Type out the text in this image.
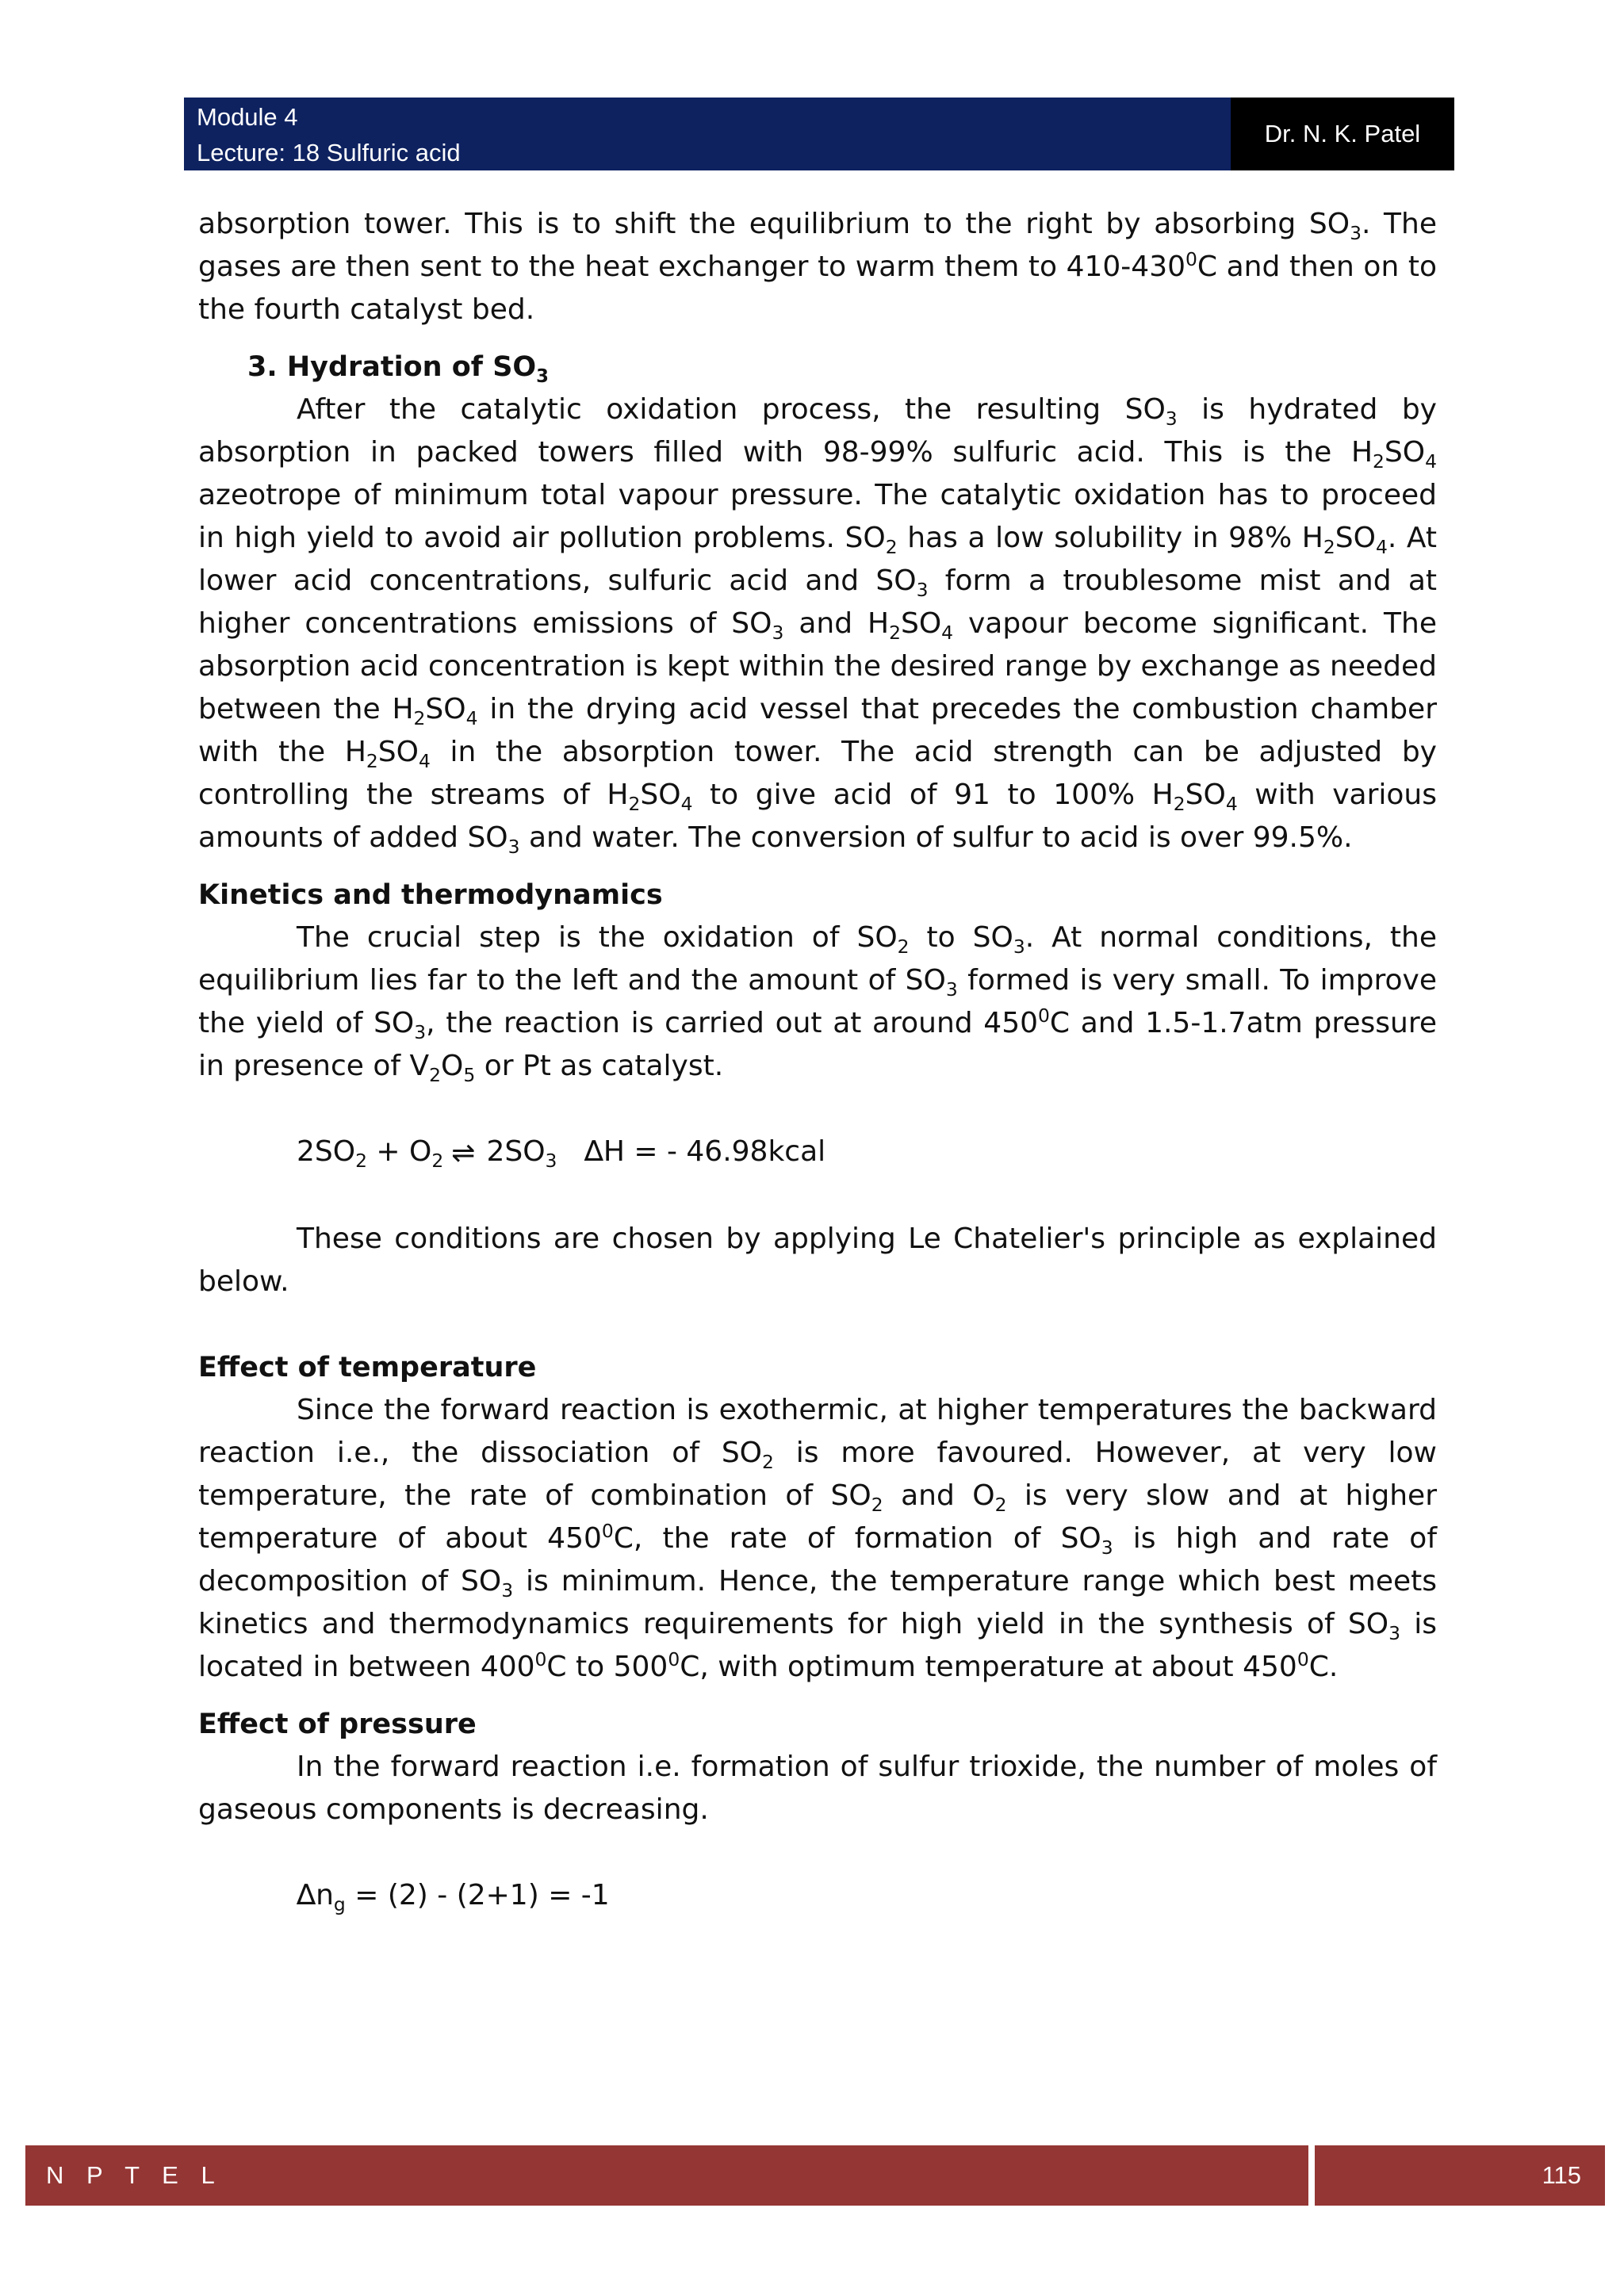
Module 4
Lecture: 18 Sulfuric acid
Dr. N. K. Patel

absorption tower. This is to shift the equilibrium to the right by absorbing $SO_3$. The gases are then sent to the heat exchanger to warm them to $410-430^0C$ and then on to the fourth catalyst bed.

3. Hydration of $SO_3$

After the catalytic oxidation process, the resulting $SO_3$ is hydrated by absorption in packed towers filled with 98-99% sulfuric acid. This is the $H_2SO_4$ azeotrope of minimum total vapour pressure. The catalytic oxidation has to proceed in high yield to avoid air pollution problems. $SO_2$ has a low solubility in 98% $H_2SO_4$. At lower acid concentrations, sulfuric acid and $SO_3$ form a troublesome mist and at higher concentrations emissions of $SO_3$ and $H_2SO_4$ vapour become significant. The absorption acid concentration is kept within the desired range by exchange as needed between the $H_2SO_4$ in the drying acid vessel that precedes the combustion chamber with the $H_2SO_4$ in the absorption tower. The acid strength can be adjusted by controlling the streams of $H_2SO_4$ to give acid of 91 to 100% $H_2SO_4$ with various amounts of added $SO_3$ and water. The conversion of sulfur to acid is over 99.5%.

Kinetics and thermodynamics

The crucial step is the oxidation of $SO_2$ to $SO_3$. At normal conditions, the equilibrium lies far to the left and the amount of $SO_3$ formed is very small. To improve the yield of $SO_3$, the reaction is carried out at around $450^0C$ and 1.5-1.7atm pressure in presence of $V_2O_5$ or Pt as catalyst.

$2SO_2 + O_2$ ⇌ $2SO_3$ ∆H = - 46.98kcal

These conditions are chosen by applying Le Chatelier's principle as explained below.

Effect of temperature

Since the forward reaction is exothermic, at higher temperatures the backward reaction i.e., the dissociation of $SO_2$ is more favoured. However, at very low temperature, the rate of combination of $SO_2$ and $O_2$ is very slow and at higher temperature of about $450^0C$, the rate of formation of $SO_3$ is high and rate of decomposition of $SO_3$ is minimum. Hence, the temperature range which best meets kinetics and thermodynamics requirements for high yield in the synthesis of $SO_3$ is located in between $400^0C$ to $500^0C$, with optimum temperature at about $450^0C$.

Effect of pressure

In the forward reaction i.e. formation of sulfur trioxide, the number of moles of gaseous components is decreasing.

$\Delta n_g = (2) - (2+1) = -1$

N P T E L	115
